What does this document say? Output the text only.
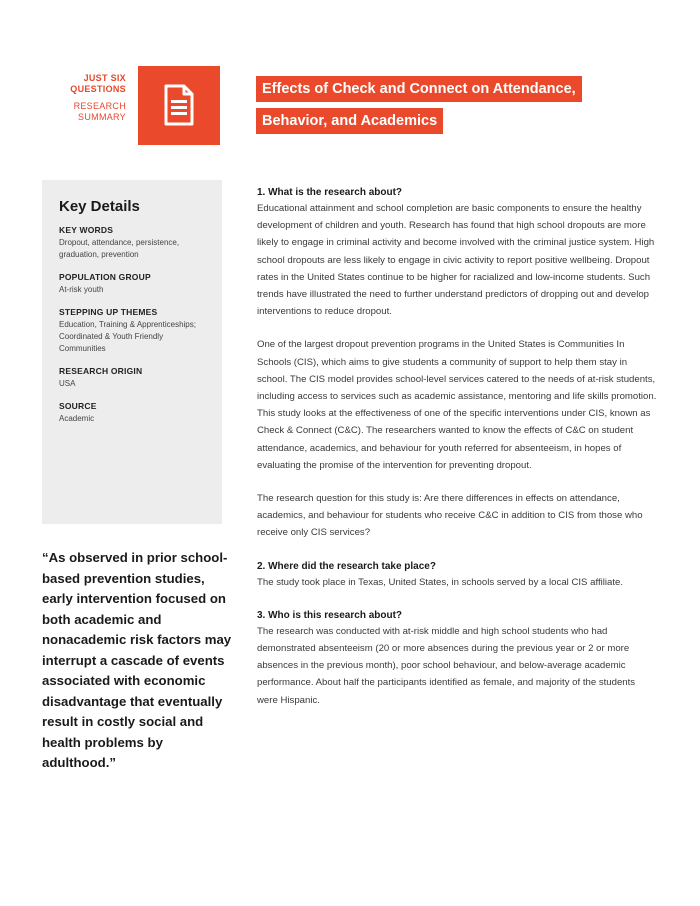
JUST SIX
QUESTIONS
RESEARCH
SUMMARY
Effects of Check and Connect on Attendance,
Behavior, and Academics
Key Details
KEY WORDS
Dropout, attendance, persistence, graduation, prevention
POPULATION GROUP
At-risk youth
STEPPING UP THEMES
Education, Training & Apprenticeships; Coordinated & Youth Friendly Communities
RESEARCH ORIGIN
USA
SOURCE
Academic
“As observed in prior school-based prevention studies, early intervention focused on both academic and nonacademic risk factors may interrupt a cascade of events associated with economic disadvantage that eventually result in costly social and health problems by adulthood.”
1. What is the research about?
Educational attainment and school completion are basic components to ensure the healthy development of children and youth. Research has found that high school dropouts are more likely to engage in criminal activity and become involved with the criminal justice system. High school dropouts are less likely to engage in civic activity to report positive wellbeing. Dropout rates in the United States continue to be higher for racialized and low-income students. Such trends have illustrated the need to further understand predictors of dropping out and develop interventions to reduce dropout.
One of the largest dropout prevention programs in the United States is Communities In Schools (CIS), which aims to give students a community of support to help them stay in school. The CIS model provides school-level services catered to the needs of at-risk students, including access to services such as academic assistance, mentoring and life skills promotion. This study looks at the effectiveness of one of the specific interventions under CIS, known as Check & Connect (C&C). The researchers wanted to know the effects of C&C on student attendance, academics, and behaviour for youth referred for absenteeism, in hopes of evaluating the promise of the intervention for preventing dropout.
The research question for this study is: Are there differences in effects on attendance, academics, and behaviour for students who receive C&C in addition to CIS from those who receive only CIS services?
2. Where did the research take place?
The study took place in Texas, United States, in schools served by a local CIS affiliate.
3. Who is this research about?
The research was conducted with at-risk middle and high school students who had demonstrated absenteeism (20 or more absences during the previous year or 2 or more absences in the previous month), poor school behaviour, and below-average academic performance. About half the participants identified as female, and majority of the students were Hispanic.
